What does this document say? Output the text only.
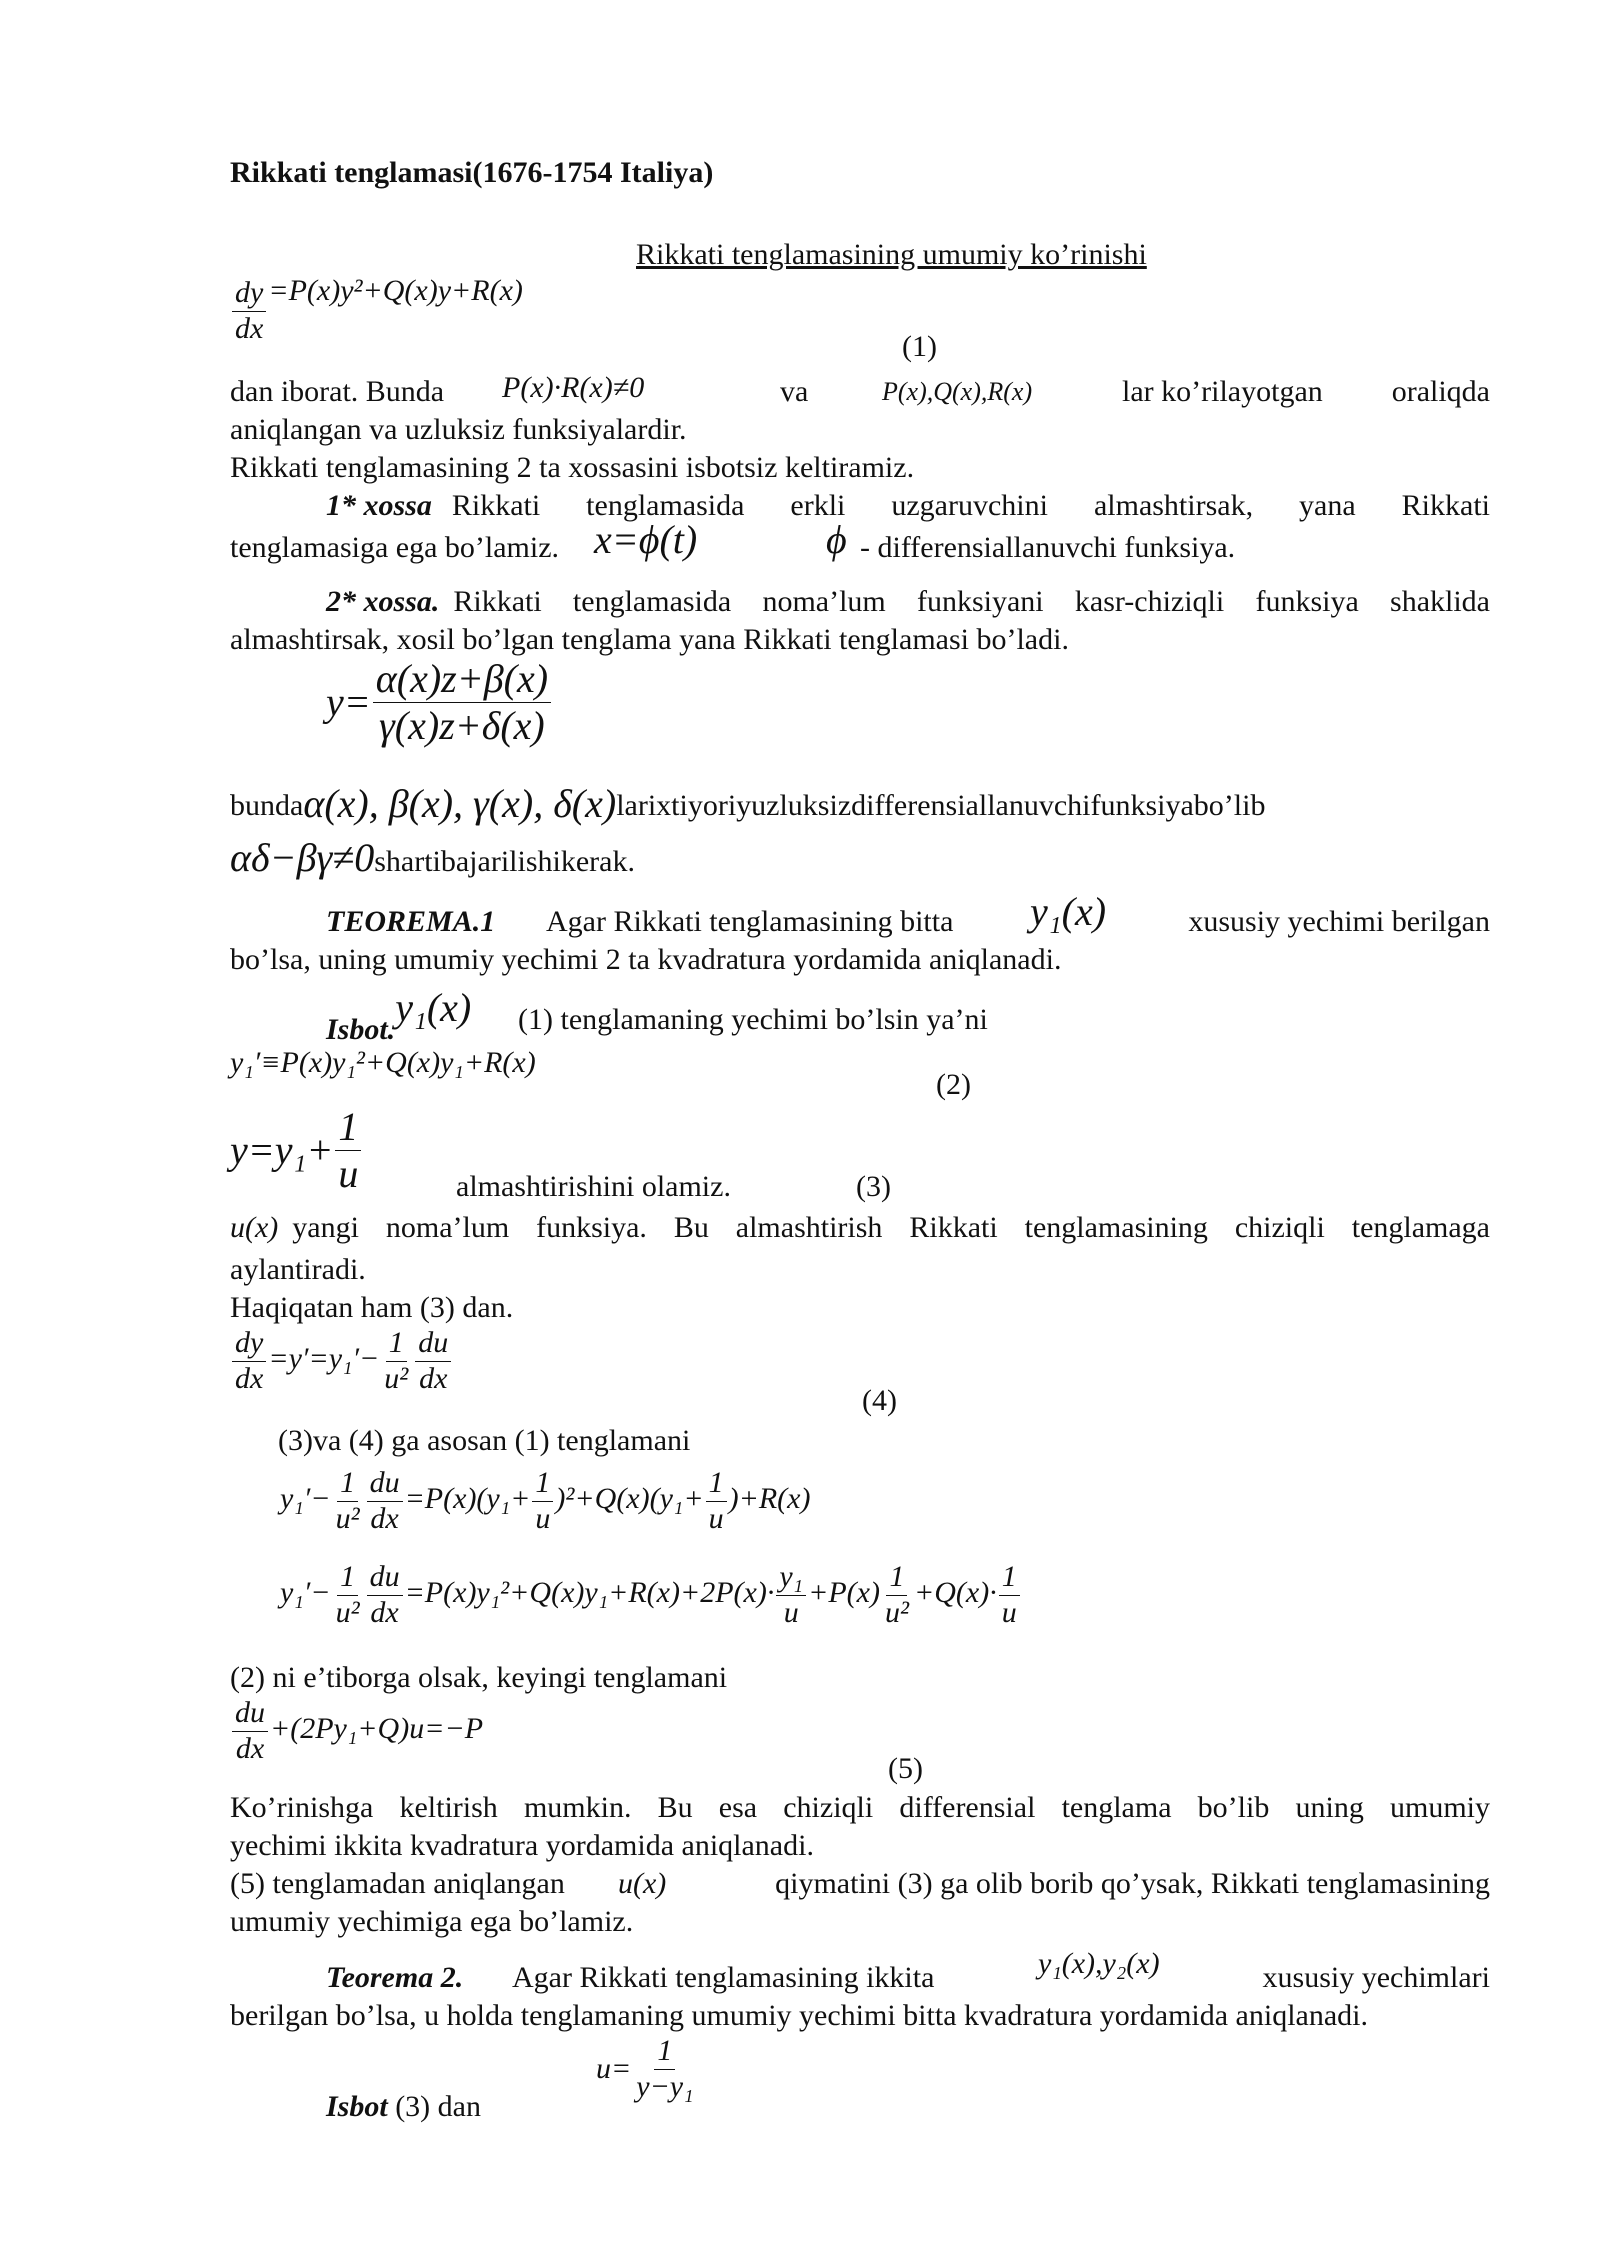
Rikkati tenglamasi(1676-1754 Italiya)
Rikkati tenglamasining umumiy ko’rinishi
$\frac{dy}{dx} =P(x)y^2+Q(x)y+R(x)$
(1)
dan iborat. Bunda P(x)·R(x)≠0	va	P(x),Q(x),R(x)	lar ko’rilayotgan oraliqda
aniqlangan va uzluksiz funksiyalardir.
Rikkati tenglamasining 2 ta xossasini isbotsiz keltiramiz.
1* xossa Rikkati tenglamasida erkli uzgaruvchini almashtirsak, yana Rikkati
tenglamasiga ega bo’lamiz. x=ϕ(t)	ϕ - differensiallanuvchi funksiya.
2* xossa. Rikkati tenglamasida noma’lum funksiyani kasr-chiziqli funksiya shaklida
almashtirsak, xosil bo’lgan tenglama yana Rikkati tenglamasi bo’ladi.
$y= \frac{\alpha(x)z+\beta(x)}{\gamma(x)z+\delta(x)}$
bundaα(x), β(x), γ(x), δ(x)larixtiyoriyuzluksizdifferensiallanuvchifunksiyabo’lib
αδ−βγ≠0shartibajarilishikerak.
TEOREMA.1 Agar Rikkati tenglamasining bitta y₁(x)	xususiy yechimi berilgan
bo’lsa, uning umumiy yechimi 2 ta kvadratura yordamida aniqlanadi.
Isbot.y₁(x) (1) tenglamaning yechimi bo’lsin ya’ni
y₁′≡P(x)y₁²+Q(x)y₁+R(x)
(2)
$y=y_1+ \frac{1}{u}$	almashtirishini olamiz.	(3)
u(x) yangi noma’lum funksiya. Bu almashtirish Rikkati tenglamasining chiziqli tenglamaga
aylantiradi.
Haqiqatan ham (3) dan.
$\frac{dy}{dx} =y'=y_1'- \frac{1}{\text{u²}} \frac{du}{dx}$
(4)
(3)va (4) ga asosan (1) tenglamani
$y_1'- \frac{1}{\text{u²}} \frac{du}{dx} =P(x)(y_1+ \frac{1}{u} )^2+Q(x)(y_1+ \frac{1}{u} )+R(x)$
$y_1'- \frac{1}{\text{u²}} \frac{du}{dx} =P(x)y_1^2+Q(x)y_1+R(x)+2P(x)\cdot \frac{\text{y₁}}{u} +P(x) \frac{1}{\text{u²}} +Q(x)\cdot \frac{1}{u}$
(2) ni e’tiborga olsak, keyingi tenglamani
$\frac{du}{dx} +(2Py_1+Q)u=-P$
(5)
Ko’rinishga keltirish mumkin. Bu esa chiziqli differensial tenglama bo’lib uning umumiy
yechimi ikkita kvadratura yordamida aniqlanadi.
(5) tenglamadan aniqlangan u(x)	qiymatini (3) ga olib borib qo’ysak, Rikkati tenglamasining
umumiy yechimiga ega bo’lamiz.
Teorema 2. Agar Rikkati tenglamasining ikkita	y₁(x),y₂(x)	xususiy yechimlari
berilgan bo’lsa, u holda tenglamaning umumiy yechimi bitta kvadratura yordamida aniqlanadi.
$u= \frac{1}{\text{y−y₁}}$
Isbot (3) dan
